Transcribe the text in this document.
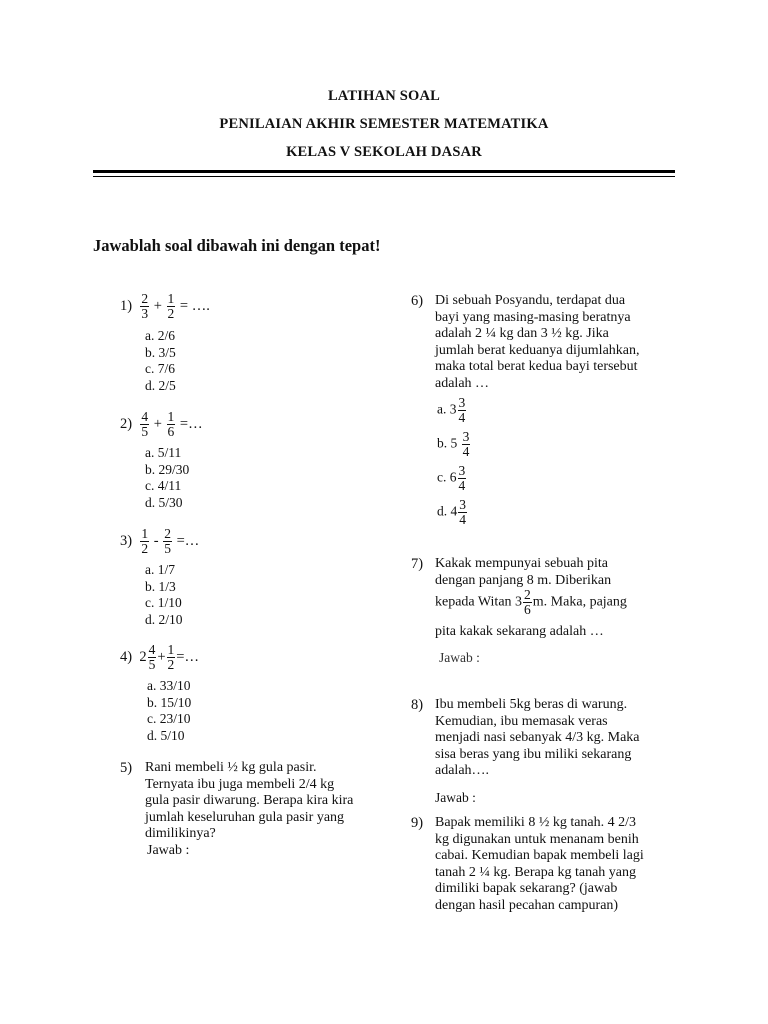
LATIHAN SOAL
PENILAIAN AKHIR SEMESTER MATEMATIKA
KELAS V SEKOLAH DASAR
Jawablah soal dibawah ini dengan tepat!
$1) \frac{2}{3} + \frac{1}{2}$ = ….
a. 2/6
b. 3/5
c. 7/6
d. 2/5
$2) \frac{4}{5} + \frac{1}{6}$ =…
a. 5/11
b. 29/30
c. 4/11
d. 5/30
$3) \frac{1}{2} - \frac{2}{5}$ =…
a. 1/7
b. 1/3
c. 1/10
d. 2/10
4) $2 \frac{4}{5} + \frac{1}{2}$ =…
a. 33/10
b. 15/10
c. 23/10
d. 5/10
5) Rani membeli ½ kg gula pasir.
Ternyata ibu juga membeli 2/4 kg
gula pasir diwarung. Berapa kira kira
jumlah keseluruhan gula pasir yang
dimilikinya?
Jawab :
6) Di sebuah Posyandu, terdapat dua
bayi yang masing-masing beratnya
adalah 2 ¼ kg dan 3 ½ kg. Jika
jumlah berat keduanya dijumlahkan,
maka total berat kedua bayi tersebut
adalah …
a. $3 \frac{3}{4}$
b. $5 \frac{3}{4}$
c. $6 \frac{3}{4}$
d. $4 \frac{3}{4}$
7) Kakak mempunyai sebuah pita
dengan panjang 8 m. Diberikan
kepada Witan $3 \frac{2}{6} m$. Maka, pajang
pita kakak sekarang adalah …
Jawab :
8) Ibu membeli 5kg beras di warung.
Kemudian, ibu memasak veras
menjadi nasi sebanyak 4/3 kg. Maka
sisa beras yang ibu miliki sekarang
adalah….
Jawab :
9) Bapak memiliki 8 ½ kg tanah. 4 2/3
kg digunakan untuk menanam benih
cabai. Kemudian bapak membeli lagi
tanah 2 ¼ kg. Berapa kg tanah yang
dimiliki bapak sekarang? (jawab
dengan hasil pecahan campuran)
